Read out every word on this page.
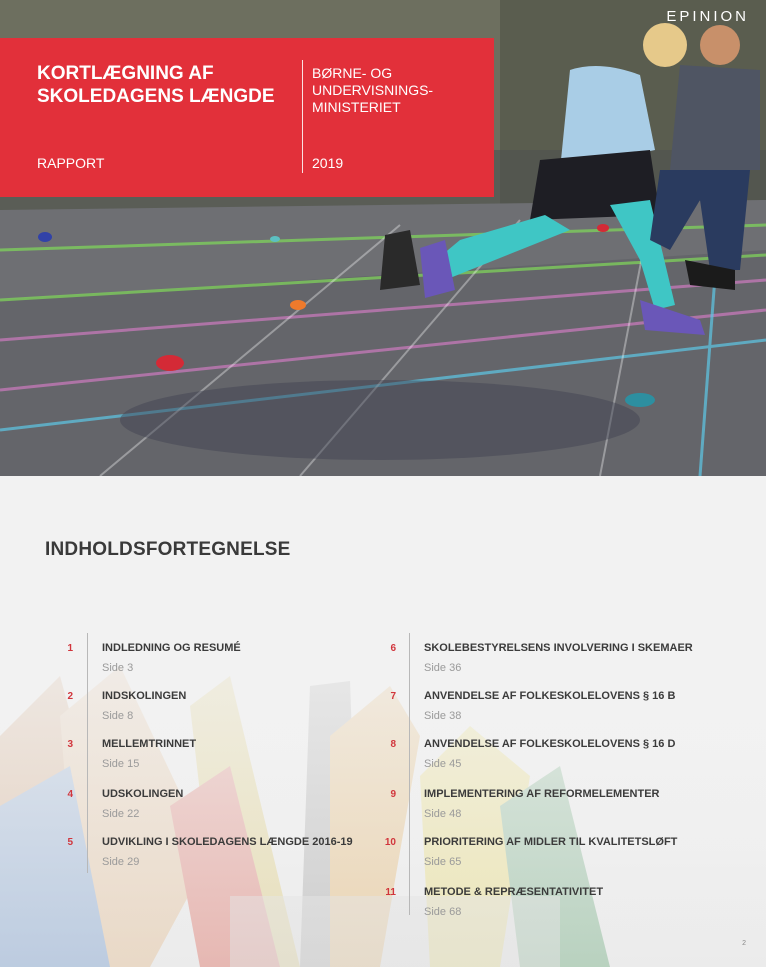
EPINION
KORTLÆGNING AF SKOLEDAGENS LÆNGDE
BØRNE- OG UNDERVISNINGS-MINISTERIET
RAPPORT	2019
INDHOLDSFORTEGNELSE
1	INDLEDNING OG RESUMÉ
Side 3
2	INDSKOLINGEN
Side 8
3	MELLEMTRINNET
Side 15
4	UDSKOLINGEN
Side 22
5	UDVIKLING I SKOLEDAGENS LÆNGDE 2016-19
Side 29
6	SKOLEBESTYRELSENS INVOLVERING I SKEMAER
Side 36
7	ANVENDELSE AF FOLKESKOLELOVENS § 16 B
Side 38
8	ANVENDELSE AF FOLKESKOLELOVENS § 16 D
Side 45
9	IMPLEMENTERING AF REFORMELEMENTER
Side 48
10	PRIORITERING AF MIDLER TIL KVALITETSLØFT
Side 65
11	METODE & REPRÆSENTATIVITET
Side 68
2
